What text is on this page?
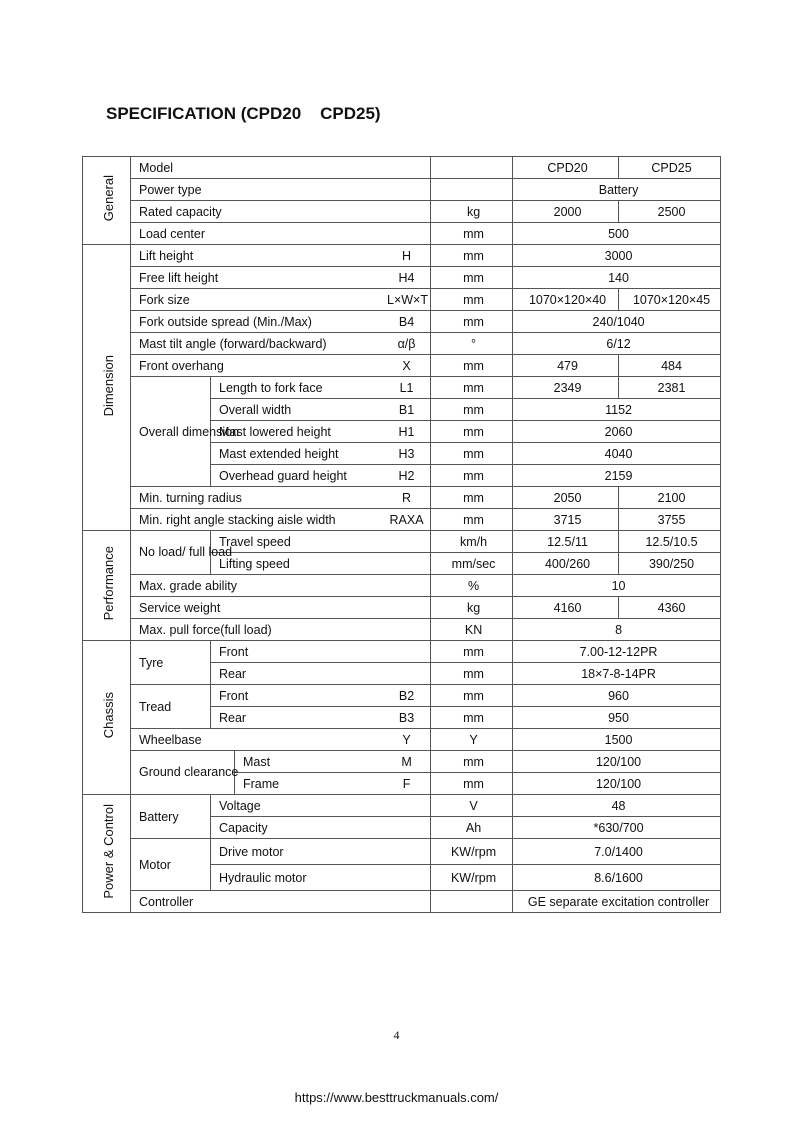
SPECIFICATION (CPD20    CPD25)
General	Model					CPD20	CPD25
	Power type					Battery	
	Rated capacity				kg	2000	2500
	Load center				mm	500	
Dimension	Lift height			H	mm	3000	
	Free lift height			H4	mm	140	
	Fork size			L×W×T	mm	1070×120×40	1070×120×45
	Fork outside spread (Min./Max)			B4	mm	240/1040	
	Mast tilt angle (forward/backward)			α/β	°	6/12	
	Front overhang			X	mm	479	484
	Overall dimension	Length to fork face		L1	mm	2349	2381
		Overall width		B1	mm	1152	
		Mast lowered height		H1	mm	2060	
		Mast extended height		H3	mm	4040	
		Overhead guard height		H2	mm	2159	
	Min. turning radius			R	mm	2050	2100
	Min. right angle stacking aisle width			RAXA	mm	3715	3755
Performance	No load/ full load	Travel speed			km/h	12.5/11	12.5/10.5
		Lifting speed			mm/sec	400/260	390/250
	Max. grade ability				%	10	
	Service weight				kg	4160	4360
	Max. pull force(full load)				KN	8	
Chassis	Tyre	Front			mm	7.00-12-12PR	
		Rear			mm	18×7-8-14PR	
	Tread	Front		B2	mm	960	
		Rear		B3	mm	950	
	Wheelbase			Y	Y	1500	
	Ground clearance		Mast	M	mm	120/100	
			Frame	F	mm	120/100	
Power & Control	Battery	Voltage			V	48	
		Capacity			Ah	*630/700	
	Motor	Drive motor			KW/rpm	7.0/1400	
		Hydraulic motor			KW/rpm	8.6/1600	
	Controller					GE separate excitation controller	
4
https://www.besttruckmanuals.com/
